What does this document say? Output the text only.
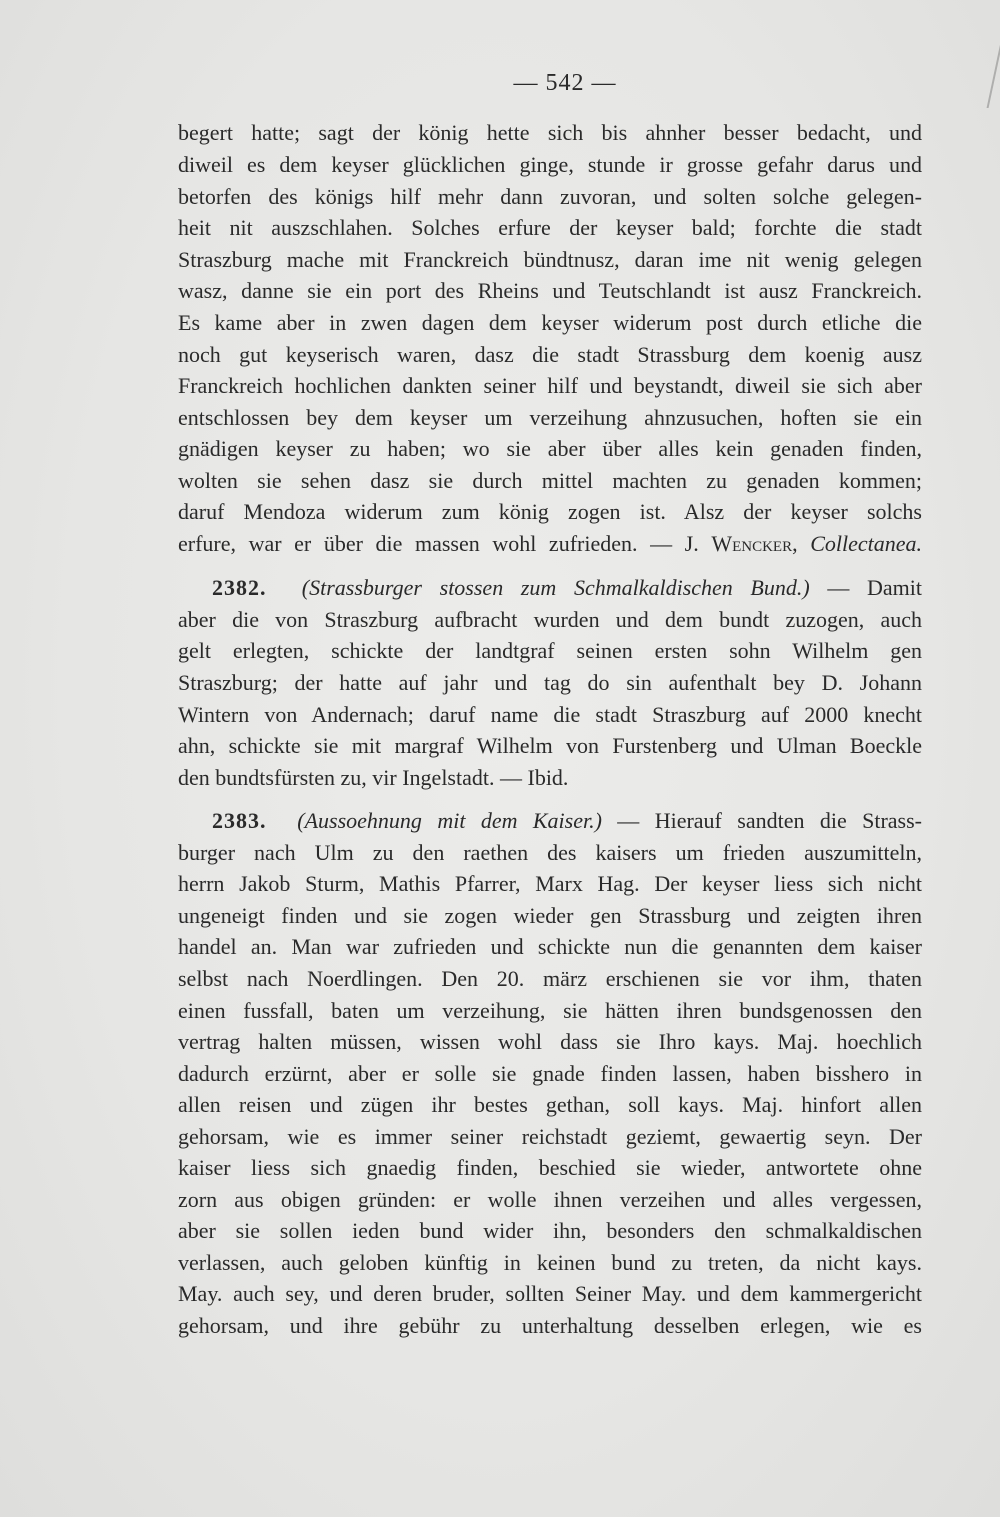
— 542 —
begert hatte; sagt der könig hette sich bis ahnher besser bedacht, und
diweil es dem keyser glücklichen ginge, stunde ir grosse gefahr darus und
betorfen des königs hilf mehr dann zuvoran, und solten solche gelegen-
heit nit auszschlahen. Solches erfure der keyser bald; forchte die stadt
Straszburg mache mit Franckreich bündtnusz, daran ime nit wenig gelegen
wasz, danne sie ein port des Rheins und Teutschlandt ist ausz Franckreich.
Es kame aber in zwen dagen dem keyser widerum post durch etliche die
noch gut keyserisch waren, dasz die stadt Strassburg dem koenig ausz
Franckreich hochlichen dankten seiner hilf und beystandt, diweil sie sich aber
entschlossen bey dem keyser um verzeihung ahnzusuchen, hoften sie ein
gnädigen keyser zu haben; wo sie aber über alles kein genaden finden,
wolten sie sehen dasz sie durch mittel machten zu genaden kommen;
daruf Mendoza widerum zum könig zogen ist. Alsz der keyser solchs
erfure, war er über die massen wohl zufrieden. — J. Wencker, Collectanea.
2382. (Strassburger stossen zum Schmalkaldischen Bund.) — Damit
aber die von Straszburg aufbracht wurden und dem bundt zuzogen, auch
gelt erlegten, schickte der landtgraf seinen ersten sohn Wilhelm gen
Straszburg; der hatte auf jahr und tag do sin aufenthalt bey D. Johann
Wintern von Andernach; daruf name die stadt Straszburg auf 2000 knecht
ahn, schickte sie mit margraf Wilhelm von Furstenberg und Ulman Boeckle
den bundtsfürsten zu, vir Ingelstadt. — Ibid.
2383. (Aussoehnung mit dem Kaiser.) — Hierauf sandten die Strass-
burger nach Ulm zu den raethen des kaisers um frieden auszumitteln,
herrn Jakob Sturm, Mathis Pfarrer, Marx Hag. Der keyser liess sich nicht
ungeneigt finden und sie zogen wieder gen Strassburg und zeigten ihren
handel an. Man war zufrieden und schickte nun die genannten dem kaiser
selbst nach Noerdlingen. Den 20. märz erschienen sie vor ihm, thaten
einen fussfall, baten um verzeihung, sie hätten ihren bundsgenossen den
vertrag halten müssen, wissen wohl dass sie Ihro kays. Maj. hoechlich
dadurch erzürnt, aber er solle sie gnade finden lassen, haben bisshero in
allen reisen und zügen ihr bestes gethan, soll kays. Maj. hinfort allen
gehorsam, wie es immer seiner reichstadt geziemt, gewaertig seyn. Der
kaiser liess sich gnaedig finden, beschied sie wieder, antwortete ohne
zorn aus obigen gründen: er wolle ihnen verzeihen und alles vergessen,
aber sie sollen ieden bund wider ihn, besonders den schmalkaldischen
verlassen, auch geloben künftig in keinen bund zu treten, da nicht kays.
May. auch sey, und deren bruder, sollten Seiner May. und dem kammergericht
gehorsam, und ihre gebühr zu unterhaltung desselben erlegen, wie es
